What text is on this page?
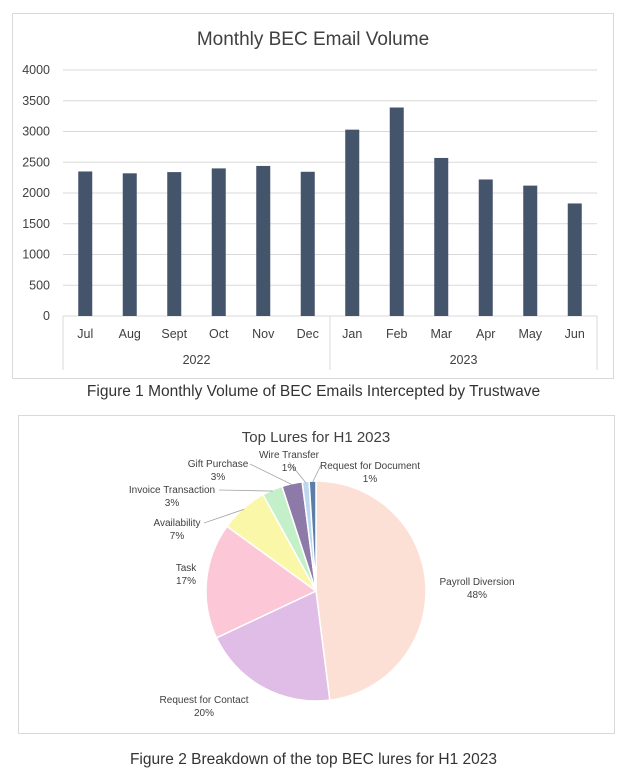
Monthly BEC Email Volume
0
500
1000
1500
2000
2500
3000
3500
4000
Jul Aug Sept Oct Nov Dec Jan Feb Mar Apr May Jun
2022	2023
Figure 1 Monthly Volume of BEC Emails Intercepted by Trustwave
Top Lures for H1 2023
Payroll Diversion
48%
Request for Contact
20%
Task
17%
Availability
7%
Invoice Transaction
3%
Gift Purchase
3%
Wire Transfer
1% Request for Document
1%
Figure 2 Breakdown of the top BEC lures for H1 2023
